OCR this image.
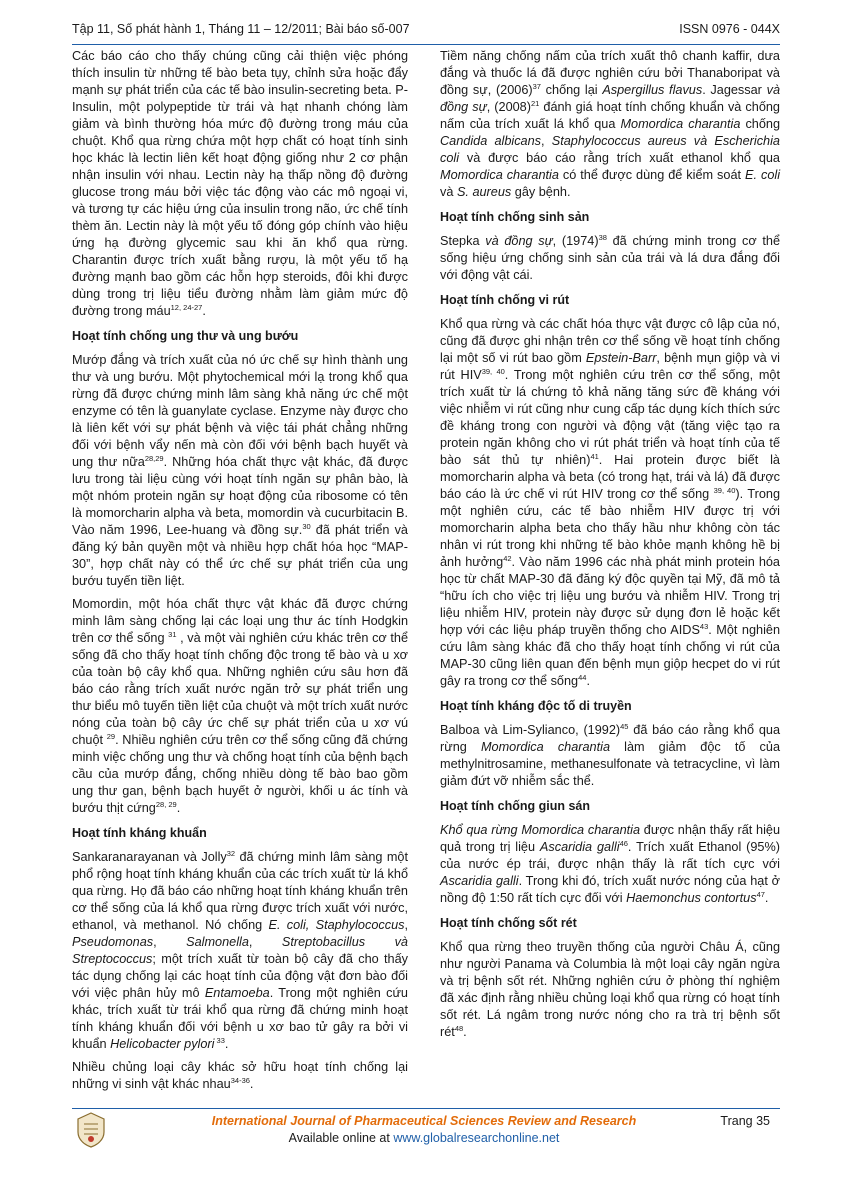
Tập 11, Số phát hành 1, Tháng 11 – 12/2011; Bài báo số-007	ISSN 0976 - 044X

Các báo cáo cho thấy chúng cũng cải thiện việc phóng thích insulin từ những tế bào beta tụy, chỉnh sửa hoặc đẩy mạnh sự phát triển của các tế bào insulin-secreting beta. P-Insulin, một polypeptide từ trái và hạt nhanh chóng làm giảm và bình thường hóa mức độ đường trong máu của chuột. Khổ qua rừng chứa một hợp chất có hoạt tính sinh học khác là lectin liên kết hoạt động giống như 2 cơ phận nhận insulin với nhau. Lectin này hạ thấp nồng độ đường glucose trong máu bởi việc tác động vào các mô ngoại vi, và tương tự các hiệu ứng của insulin trong não, ức chế tính thèm ăn. Lectin này là một yếu tố đóng góp chính vào hiệu ứng hạ đường glycemic sau khi ăn khổ qua rừng. Charantin được trích xuất bằng rượu, là một yếu tố hạ đường mạnh bao gồm các hỗn hợp steroids, đôi khi được dùng trong trị liệu tiểu đường nhằm làm giảm mức độ đường trong máu$^{12, 24-27}$.

Hoạt tính chống ung thư và ung bướu

Mướp đắng và trích xuất của nó ức chế sự hình thành ung thư và ung bướu. Một phytochemical mới lạ trong khổ qua rừng đã được chứng minh lâm sàng khả năng ức chế một enzyme có tên là guanylate cyclase. Enzyme này được cho là liên kết với sự phát bệnh và việc tái phát chẳng những đối với bệnh vẩy nến mà còn đối với bệnh bạch huyết và ung thư nữa$^{28,29}$. Những hóa chất thực vật khác, đã được lưu trong tài liệu cùng với hoạt tính ngăn sự phân bào, là một nhóm protein ngăn sự hoạt động của ribosome có tên là momorcharin alpha và beta, momordin và cucurbitacin B. Vào năm 1996, Lee-huang và đồng sự.$^{30}$ đã phát triển và đăng ký bản quyền một và nhiều hợp chất hóa học “MAP-30”, hợp chất này có thể ức chế sự phát triển của ung bướu tuyến tiền liệt.

Momordin, một hóa chất thực vật khác đã được chứng minh lâm sàng chống lại các loại ung thư ác tính Hodgkin trên cơ thể sống $^{31}$ , và một vài nghiên cứu khác trên cơ thể sống đã cho thấy hoạt tính chống độc trong tế bào và u xơ của toàn bộ cây khổ qua. Những nghiên cứu sâu hơn đã báo cáo rằng trích xuất nước ngăn trở sự phát triển ung thư biểu mô tuyến tiền liệt của chuột và một trích xuất nước nóng của toàn bộ cây ức chế sự phát triển của u xơ vú chuột $^{29}$. Nhiều nghiên cứu trên cơ thể sống cũng đã chứng minh việc chống ung thư và chống hoạt tính của bệnh bạch cầu của mướp đắng, chống nhiều dòng tế bào bao gồm ung thư gan, bệnh bạch huyết ở người, khối u ác tính và bướu thịt cứng$^{28, 29}$.

Hoạt tính kháng khuẩn

Sankaranarayanan và Jolly$^{32}$ đã chứng minh lâm sàng một phổ rộng hoạt tính kháng khuẩn của các trích xuất từ lá khổ qua rừng. Họ đã báo cáo những hoạt tính kháng khuẩn trên cơ thể sống của lá khổ qua rừng được trích xuất với nước, ethanol, và methanol. Nó chống E. coli, Staphylococcus, Pseudomonas, Salmonella, Streptobacillus và Streptococcus; một trích xuất từ toàn bộ cây đã cho thấy tác dụng chống lại các hoạt tính của động vật đơn bào đối với việc phân hủy mô Entamoeba. Trong một nghiên cứu khác, trích xuất từ trái khổ qua rừng đã chứng minh hoạt tính kháng khuẩn đối với bệnh u xơ bao tử gây ra bởi vi khuẩn Helicobacter pylori $^{33}$.

Nhiều chủng loại cây khác sở hữu hoạt tính chống lại những vi sinh vật khác nhau$^{34-36}$.

Tiềm năng chống nấm của trích xuất thô chanh kaffir, dưa đắng và thuốc lá đã được nghiên cứu bởi Thanaboripat và đồng sự, $(2006)^{37}$ chống lại Aspergillus flavus. Jagessar và đồng sự, $(2008)^{21}$ đánh giá hoạt tính chống khuẩn và chống nấm của trích xuất lá khổ qua Momordica charantia chống Candida albicans, Staphylococcus aureus và Escherichia coli và được báo cáo rằng trích xuất ethanol khổ qua Momordica charantia có thể được dùng để kiểm soát E. coli và S. aureus gây bệnh.

Hoạt tính chống sinh sản

Stepka và đồng sự, $(1974)^{38}$ đã chứng minh trong cơ thể sống hiệu ứng chống sinh sản của trái và lá dưa đắng đối với động vật cái.

Hoạt tính chống vi rút

Khổ qua rừng và các chất hóa thực vật được cô lập của nó, cũng đã được ghi nhận trên cơ thể sống về hoạt tính chống lại một số vi rút bao gồm Epstein-Barr, bệnh mụn giộp và vi rút HIV$^{39, 40}$. Trong một nghiên cứu trên cơ thể sống, một trích xuất từ lá chứng tỏ khả năng tăng sức đề kháng với việc nhiễm vi rút cũng như cung cấp tác dụng kích thích sức đề kháng trong con người và động vật (tăng việc tạo ra protein ngăn không cho vi rút phát triển và hoạt tính của tế bào sát thủ tự nhiên)$^{41}$. Hai protein được biết là momorcharin alpha và beta (có trong hạt, trái và lá) đã được báo cáo là ức chế vi rút HIV trong cơ thể sống $^{39, 40}$). Trong một nghiên cứu, các tế bào nhiễm HIV được trị với momorcharin alpha beta cho thấy hầu như không còn tác nhân vi rút trong khi những tế bào khỏe mạnh không hề bị ảnh hưởng$^{42}$. Vào năm 1996 các nhà phát minh protein hóa học từ chất MAP-30 đã đăng ký độc quyền tại Mỹ, đã mô tả “hữu ích cho việc trị liệu ung bướu và nhiễm HIV. Trong trị liệu nhiễm HIV, protein này được sử dụng đơn lẻ hoặc kết hợp với các liệu pháp truyền thống cho AIDS$^{43}$. Một nghiên cứu lâm sàng khác đã cho thấy hoạt tính chống vi rút của MAP-30 cũng liên quan đến bệnh mụn giộp hecpet do vi rút gây ra trong cơ thể sống$^{44}$.

Hoạt tính kháng độc tố di truyền

Balboa và Lim-Sylianco, $(1992)^{45}$ đã báo cáo rằng khổ qua rừng Momordica charantia làm giảm độc tố của methylnitrosamine, methanesulfonate và tetracycline, vì làm giảm đứt vỡ nhiễm sắc thể.

Hoạt tính chống giun sán

Khổ qua rừng Momordica charantia được nhận thấy rất hiệu quả trong trị liệu Ascaridia galli$^{46}$. Trích xuất Ethanol (95%) của nước ép trái, được nhận thấy là rất tích cực với Ascaridia galli. Trong khi đó, trích xuất nước nóng của hạt ở nồng độ 1:50 rất tích cực đối với Haemonchus contortus$^{47}$.

Hoạt tính chống sốt rét

Khổ qua rừng theo truyền thống của người Châu Á, cũng như người Panama và Columbia là một loại cây ngăn ngừa và trị bệnh sốt rét. Những nghiên cứu ở phòng thí nghiệm đã xác định rằng nhiều chủng loại khổ qua rừng có hoạt tính sốt rét. Lá ngâm trong nước nóng cho ra trà trị bệnh sốt rét$^{48}$.

International Journal of Pharmaceutical Sciences Review and Research
Available online at www.globalresearchonline.net
Trang 35
